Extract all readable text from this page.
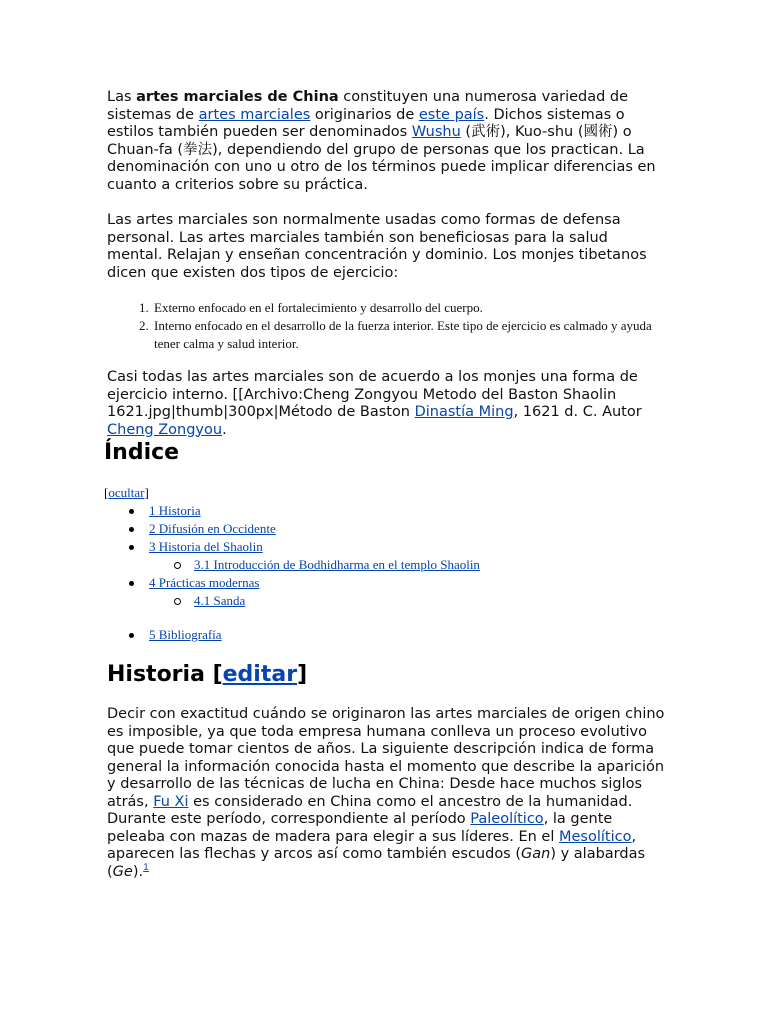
Las artes marciales de China constituyen una numerosa variedad de sistemas de artes marciales originarios de este país. Dichos sistemas o estilos también pueden ser denominados Wushu (武術), Kuo-shu (國術) o Chuan-fa (拳法), dependiendo del grupo de personas que los practican. La denominación con uno u otro de los términos puede implicar diferencias en cuanto a criterios sobre su práctica.

Las artes marciales son normalmente usadas como formas de defensa personal. Las artes marciales también son beneficiosas para la salud mental. Relajan y enseñan concentración y dominio. Los monjes tibetanos dicen que existen dos tipos de ejercicio:

1. Externo enfocado en el fortalecimiento y desarrollo del cuerpo.
2. Interno enfocado en el desarrollo de la fuerza interior. Este tipo de ejercicio es calmado y ayuda tener calma y salud interior.

Casi todas las artes marciales son de acuerdo a los monjes una forma de ejercicio interno. [[Archivo:Cheng Zongyou Metodo del Baston Shaolin 1621.jpg|thumb|300px|Método de Baston Dinastía Ming, 1621 d. C. Autor Cheng Zongyou.

Índice
[ocultar]
1 Historia
2 Difusión en Occidente
3 Historia del Shaolin
3.1 Introducción de Bodhidharma en el templo Shaolin
4 Prácticas modernas
4.1 Sanda
5 Bibliografía
Historia [editar]

Decir con exactitud cuándo se originaron las artes marciales de origen chino es imposible, ya que toda empresa humana conlleva un proceso evolutivo que puede tomar cientos de años. La siguiente descripción indica de forma general la información conocida hasta el momento que describe la aparición y desarrollo de las técnicas de lucha en China: Desde hace muchos siglos atrás, Fu Xi es considerado en China como el ancestro de la humanidad. Durante este período, correspondiente al período Paleolítico, la gente peleaba con mazas de madera para elegir a sus líderes. En el Mesolítico, aparecen las flechas y arcos así como también escudos (Gan) y alabardas (Ge).$^1$
